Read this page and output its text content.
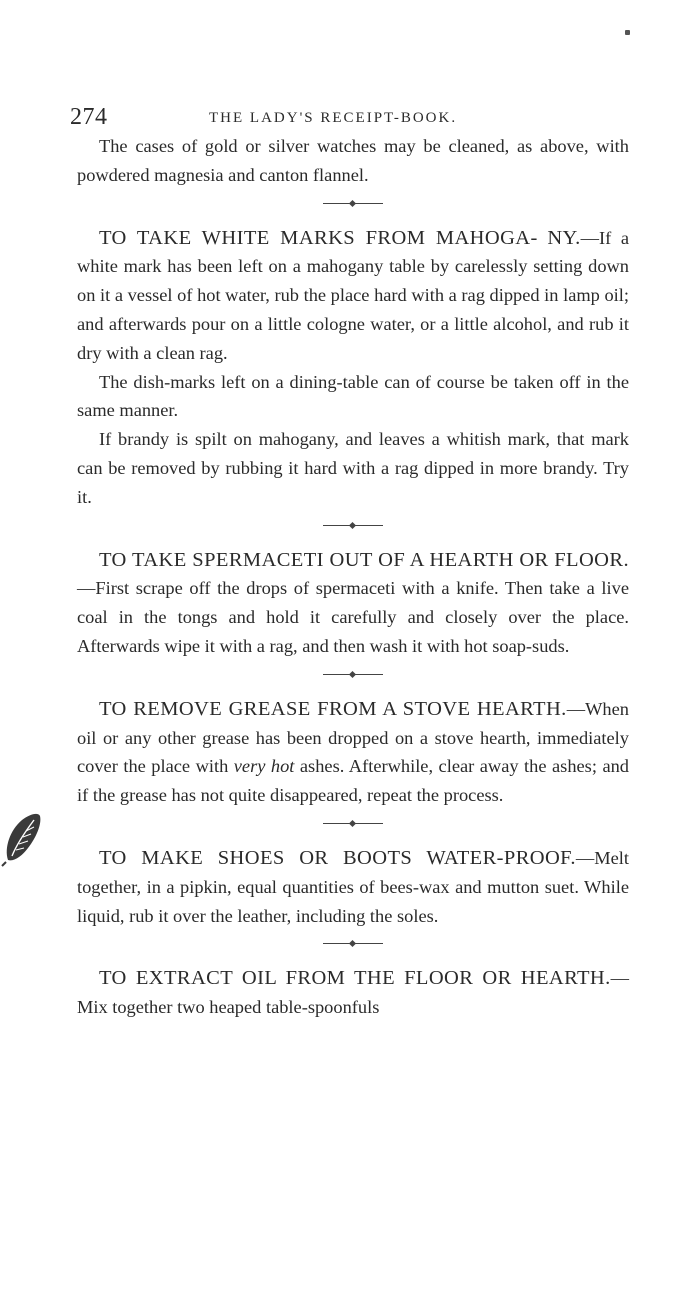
274	THE LADY'S RECEIPT-BOOK.

The cases of gold or silver watches may be cleaned, as above, with powdered magnesia and canton flannel.

TO TAKE WHITE MARKS FROM MAHOGA- NY.—If a white mark has been left on a mahogany table by carelessly setting down on it a vessel of hot water, rub the place hard with a rag dipped in lamp oil; and afterwards pour on a little cologne water, or a little alcohol, and rub it dry with a clean rag.

The dish-marks left on a dining-table can of course be taken off in the same manner.

If brandy is spilt on mahogany, and leaves a whitish mark, that mark can be removed by rubbing it hard with a rag dipped in more brandy. Try it.

TO TAKE SPERMACETI OUT OF A HEARTH OR FLOOR.—First scrape off the drops of spermaceti with a knife. Then take a live coal in the tongs and hold it carefully and closely over the place. Afterwards wipe it with a rag, and then wash it with hot soap-suds.

TO REMOVE GREASE FROM A STOVE HEARTH.—When oil or any other grease has been dropped on a stove hearth, immediately cover the place with very hot ashes. Afterwhile, clear away the ashes; and if the grease has not quite disappeared, repeat the process.

TO MAKE SHOES OR BOOTS WATER-PROOF.—Melt together, in a pipkin, equal quantities of bees-wax and mutton suet. While liquid, rub it over the leather, including the soles.

TO EXTRACT OIL FROM THE FLOOR OR HEARTH.—Mix together two heaped table-spoonfuls
